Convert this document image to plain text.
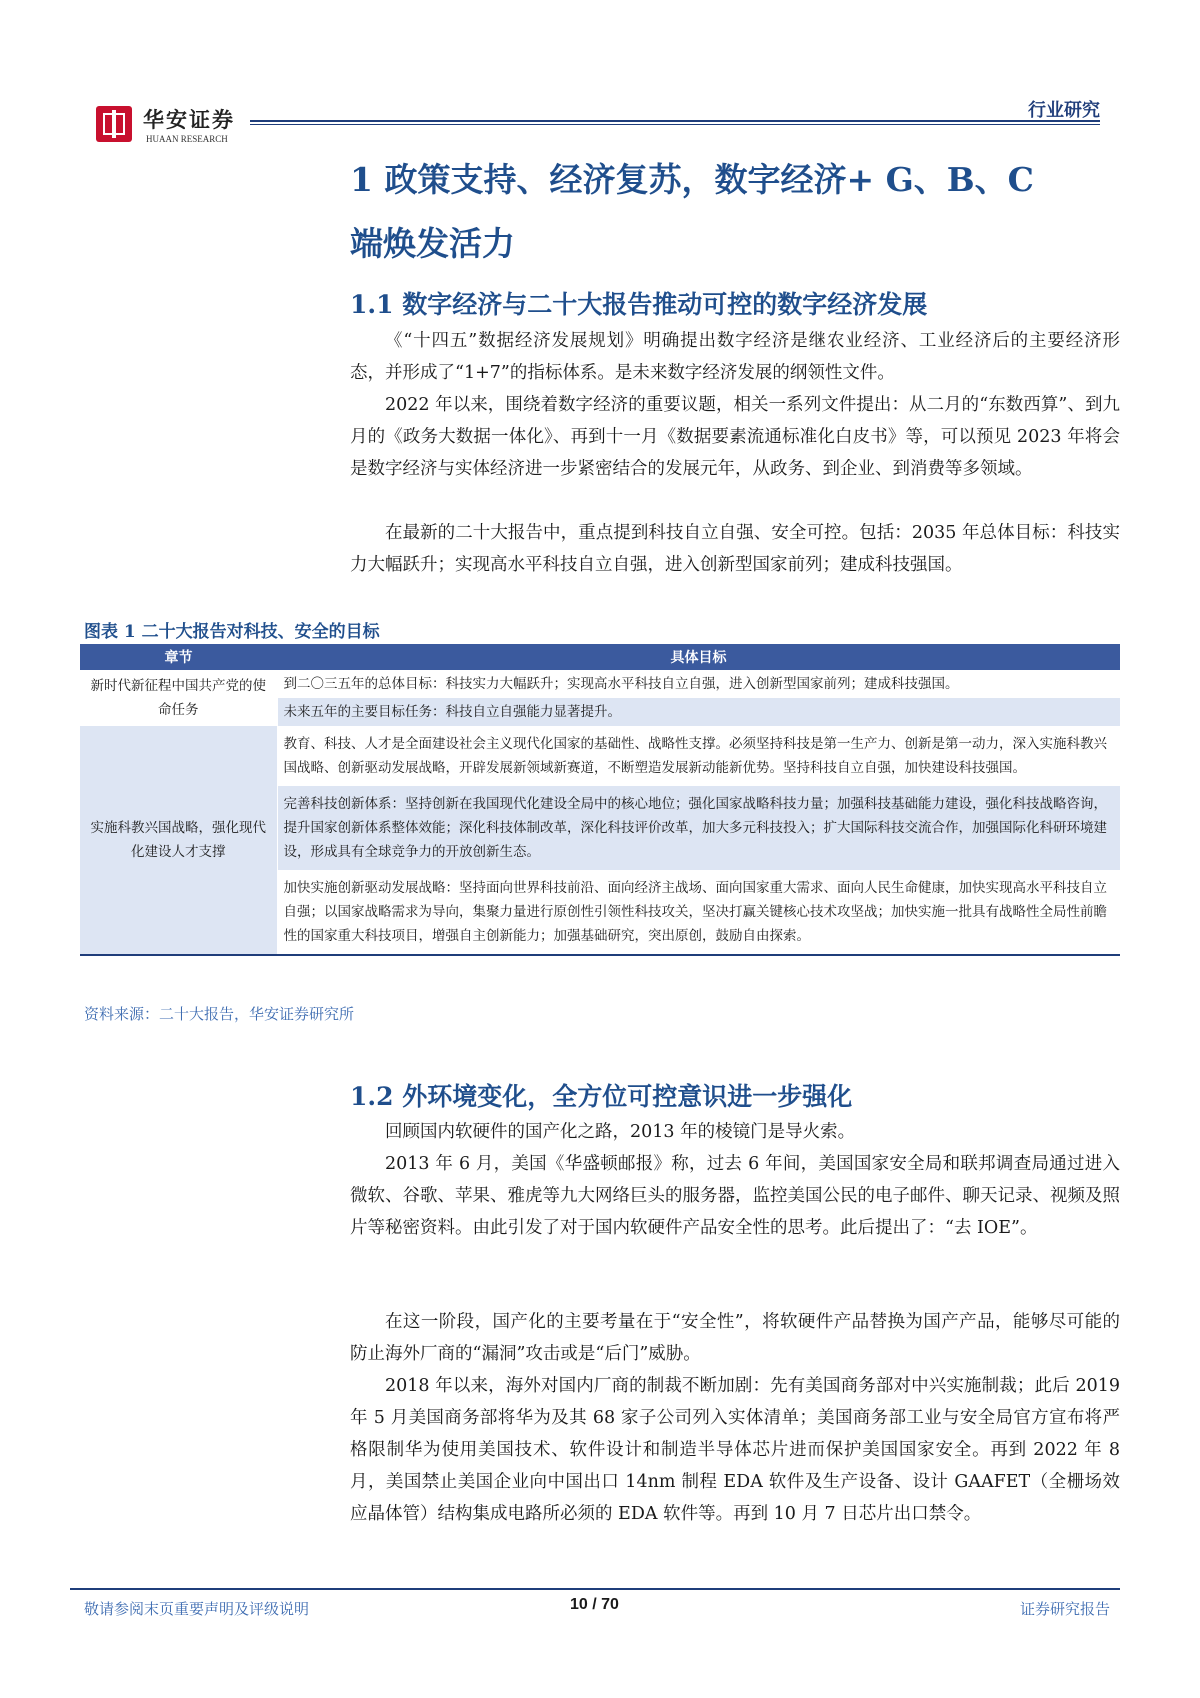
华安证券
HUAAN RESEARCH
行业研究
1 政策支持、经济复苏，数字经济+ G、B、C
端焕发活力
1.1 数字经济与二十大报告推动可控的数字经济发展

《“十四五”数据经济发展规划》明确提出数字经济是继农业经济、工业经济后的主要经济形态，并形成了“1+7”的指标体系。是未来数字经济发展的纲领性文件。

2022 年以来，围绕着数字经济的重要议题，相关一系列文件提出：从二月的“东数西算”、到九月的《政务大数据一体化》、再到十一月《数据要素流通标准化白皮书》等，可以预见 2023 年将会是数字经济与实体经济进一步紧密结合的发展元年，从政务、到企业、到消费等多领域。

在最新的二十大报告中，重点提到科技自立自强、安全可控。包括：2035 年总体目标：科技实力大幅跃升；实现高水平科技自立自强，进入创新型国家前列；建成科技强国。

图表 1 二十大报告对科技、安全的目标
章节	具体目标
新时代新征程中国共产党的使命任务	到二〇三五年的总体目标：科技实力大幅跃升；实现高水平科技自立自强，进入创新型国家前列；建成科技强国。
	未来五年的主要目标任务：科技自立自强能力显著提升。
实施科教兴国战略，强化现代化建设人才支撑	教育、科技、人才是全面建设社会主义现代化国家的基础性、战略性支撑。必须坚持科技是第一生产力、创新是第一动力，深入实施科教兴国战略、创新驱动发展战略，开辟发展新领域新赛道，不断塑造发展新动能新优势。坚持科技自立自强，加快建设科技强国。
	完善科技创新体系：坚持创新在我国现代化建设全局中的核心地位；强化国家战略科技力量；加强科技基础能力建设，强化科技战略咨询，提升国家创新体系整体效能；深化科技体制改革，深化科技评价改革，加大多元科技投入；扩大国际科技交流合作，加强国际化科研环境建设，形成具有全球竞争力的开放创新生态。
	加快实施创新驱动发展战略：坚持面向世界科技前沿、面向经济主战场、面向国家重大需求、面向人民生命健康，加快实现高水平科技自立自强；以国家战略需求为导向，集聚力量进行原创性引领性科技攻关，坚决打赢关键核心技术攻坚战；加快实施一批具有战略性全局性前瞻性的国家重大科技项目，增强自主创新能力；加强基础研究，突出原创，鼓励自由探索。
资料来源：二十大报告，华安证券研究所
1.2 外环境变化，全方位可控意识进一步强化

回顾国内软硬件的国产化之路，2013 年的棱镜门是导火索。

2013 年 6 月，美国《华盛顿邮报》称，过去 6 年间，美国国家安全局和联邦调查局通过进入微软、谷歌、苹果、雅虎等九大网络巨头的服务器，监控美国公民的电子邮件、聊天记录、视频及照片等秘密资料。由此引发了对于国内软硬件产品安全性的思考。此后提出了：“去 IOE”。

在这一阶段，国产化的主要考量在于“安全性”，将软硬件产品替换为国产产品，能够尽可能的防止海外厂商的“漏洞”攻击或是“后门”威胁。

2018 年以来，海外对国内厂商的制裁不断加剧：先有美国商务部对中兴实施制裁；此后 2019 年 5 月美国商务部将华为及其 68 家子公司列入实体清单；美国商务部工业与安全局官方宣布将严格限制华为使用美国技术、软件设计和制造半导体芯片进而保护美国国家安全。再到 2022 年 8 月，美国禁止美国企业向中国出口 14nm 制程 EDA 软件及生产设备、设计 GAAFET（全栅场效应晶体管）结构集成电路所必须的 EDA 软件等。再到 10 月 7 日芯片出口禁令。

敬请参阅末页重要声明及评级说明	10 / 70	证券研究报告
